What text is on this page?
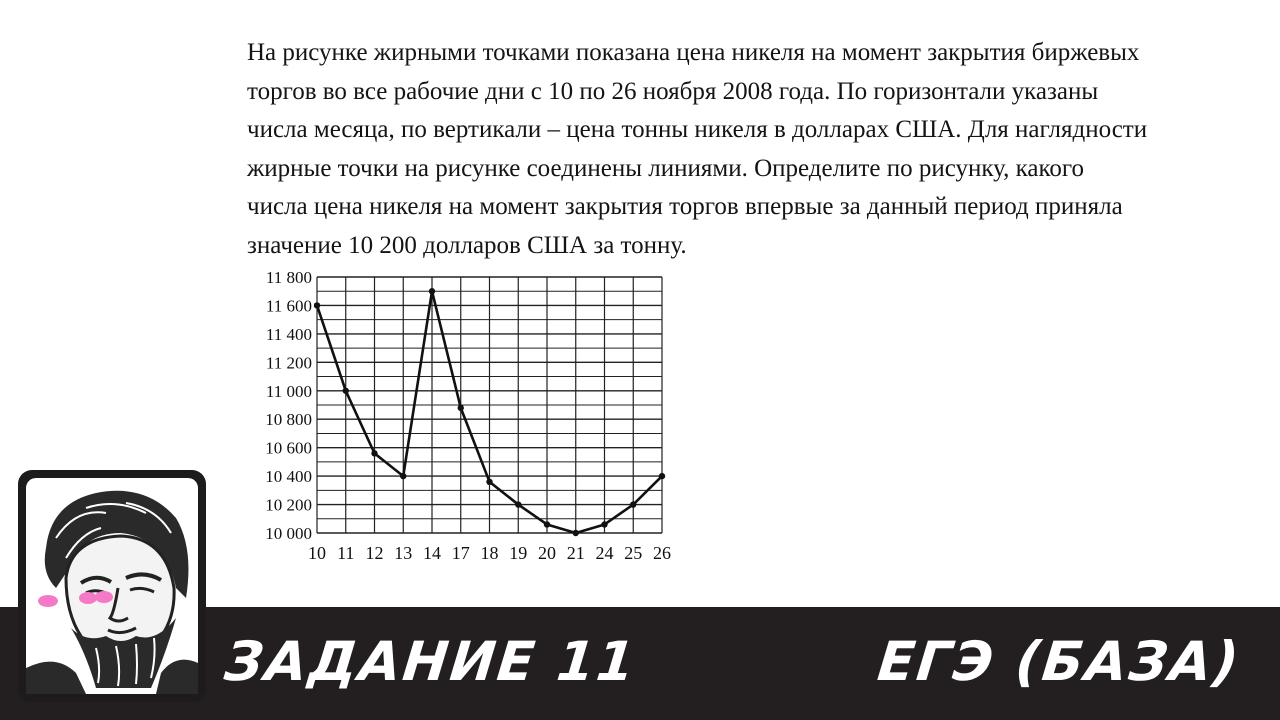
На рисунке жирными точками показана цена никеля на момент закрытия биржевых
торгов во все рабочие дни с 10 по 26 ноября 2008 года. По горизонтали указаны
числа месяца, по вертикали – цена тонны никеля в долларах США. Для наглядности
жирные точки на рисунке соединены линиями. Определите по рисунку, какого
числа цена никеля на момент закрытия торгов впервые за данный период приняла
значение 10 200 долларов США за тонну.
10 000
10 200
10 400
10 600
10 800
11 000
11 200
11 400
11 600
11 800
10 11 12 13 14 17 18 19 20 21 24 25 26
ЗАДАНИЕ 11	ЕГЭ (БАЗА)
